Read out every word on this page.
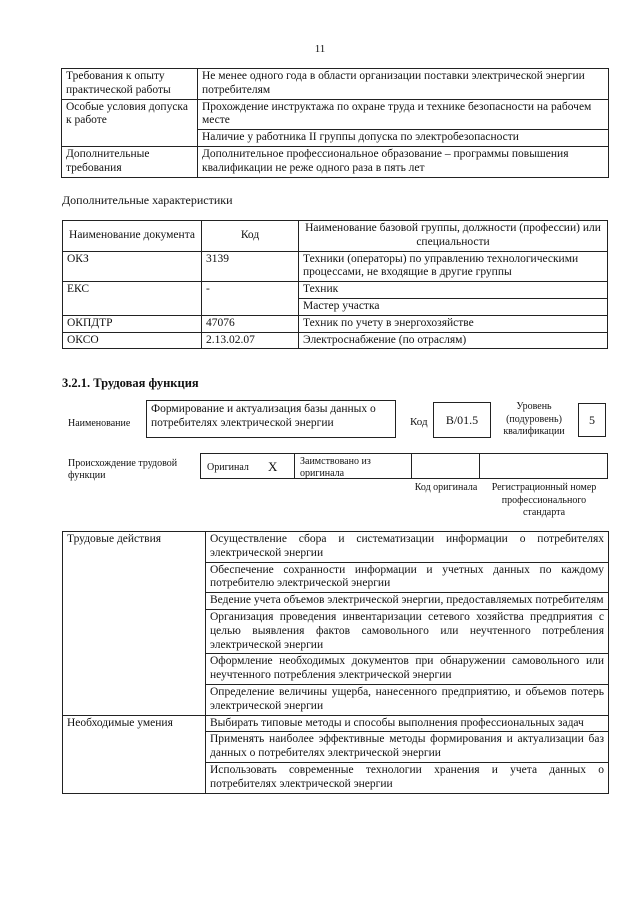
11
Требования к опыту практической работы	Не менее одного года в области организации поставки электрической энергии потребителям
Особые условия допуска к работе	Прохождение инструктажа по охране труда и технике безопасности на рабочем месте
	Наличие у работника II группы допуска по электробезопасности
Дополнительные требования	Дополнительное профессиональное образование – программы повышения квалификации не реже одного раза в пять лет
Дополнительные характеристики
Наименование документа	Код	Наименование базовой группы, должности (профессии) или специальности
ОКЗ	3139	Техники (операторы) по управлению технологическими процессами, не входящие в другие группы
ЕКС	-	Техник
		Мастер участка
ОКПДТР	47076	Техник по учету в энергохозяйстве
ОКСО	2.13.02.07	Электроснабжение (по отраслям)
3.2.1. Трудовая функция
Наименование
Формирование и актуализация базы данных о потребителях электрической энергии	Код	B/01.5
Уровень (подуровень) квалификации
5
Происхождение трудовой функции
Оригинал X Заимствовано из оригинала
Код оригинала	Регистрационный номер профессионального стандарта
Трудовые действия	Осуществление сбора и систематизации информации о потребителях электрической энергии
	Обеспечение сохранности информации и учетных данных по каждому потребителю электрической энергии
	Ведение учета объемов электрической энергии, предоставляемых потребителям
	Организация проведения инвентаризации сетевого хозяйства предприятия с целью выявления фактов самовольного или неучтенного потребления электрической энергии
	Оформление необходимых документов при обнаружении самовольного или неучтенного потребления электрической энергии
	Определение величины ущерба, нанесенного предприятию, и объемов потерь электрической энергии
Необходимые умения	Выбирать типовые методы и способы выполнения профессиональных задач
	Применять наиболее эффективные методы формирования и актуализации баз данных о потребителях электрической энергии
	Использовать современные технологии хранения и учета данных о потребителях электрической энергии
